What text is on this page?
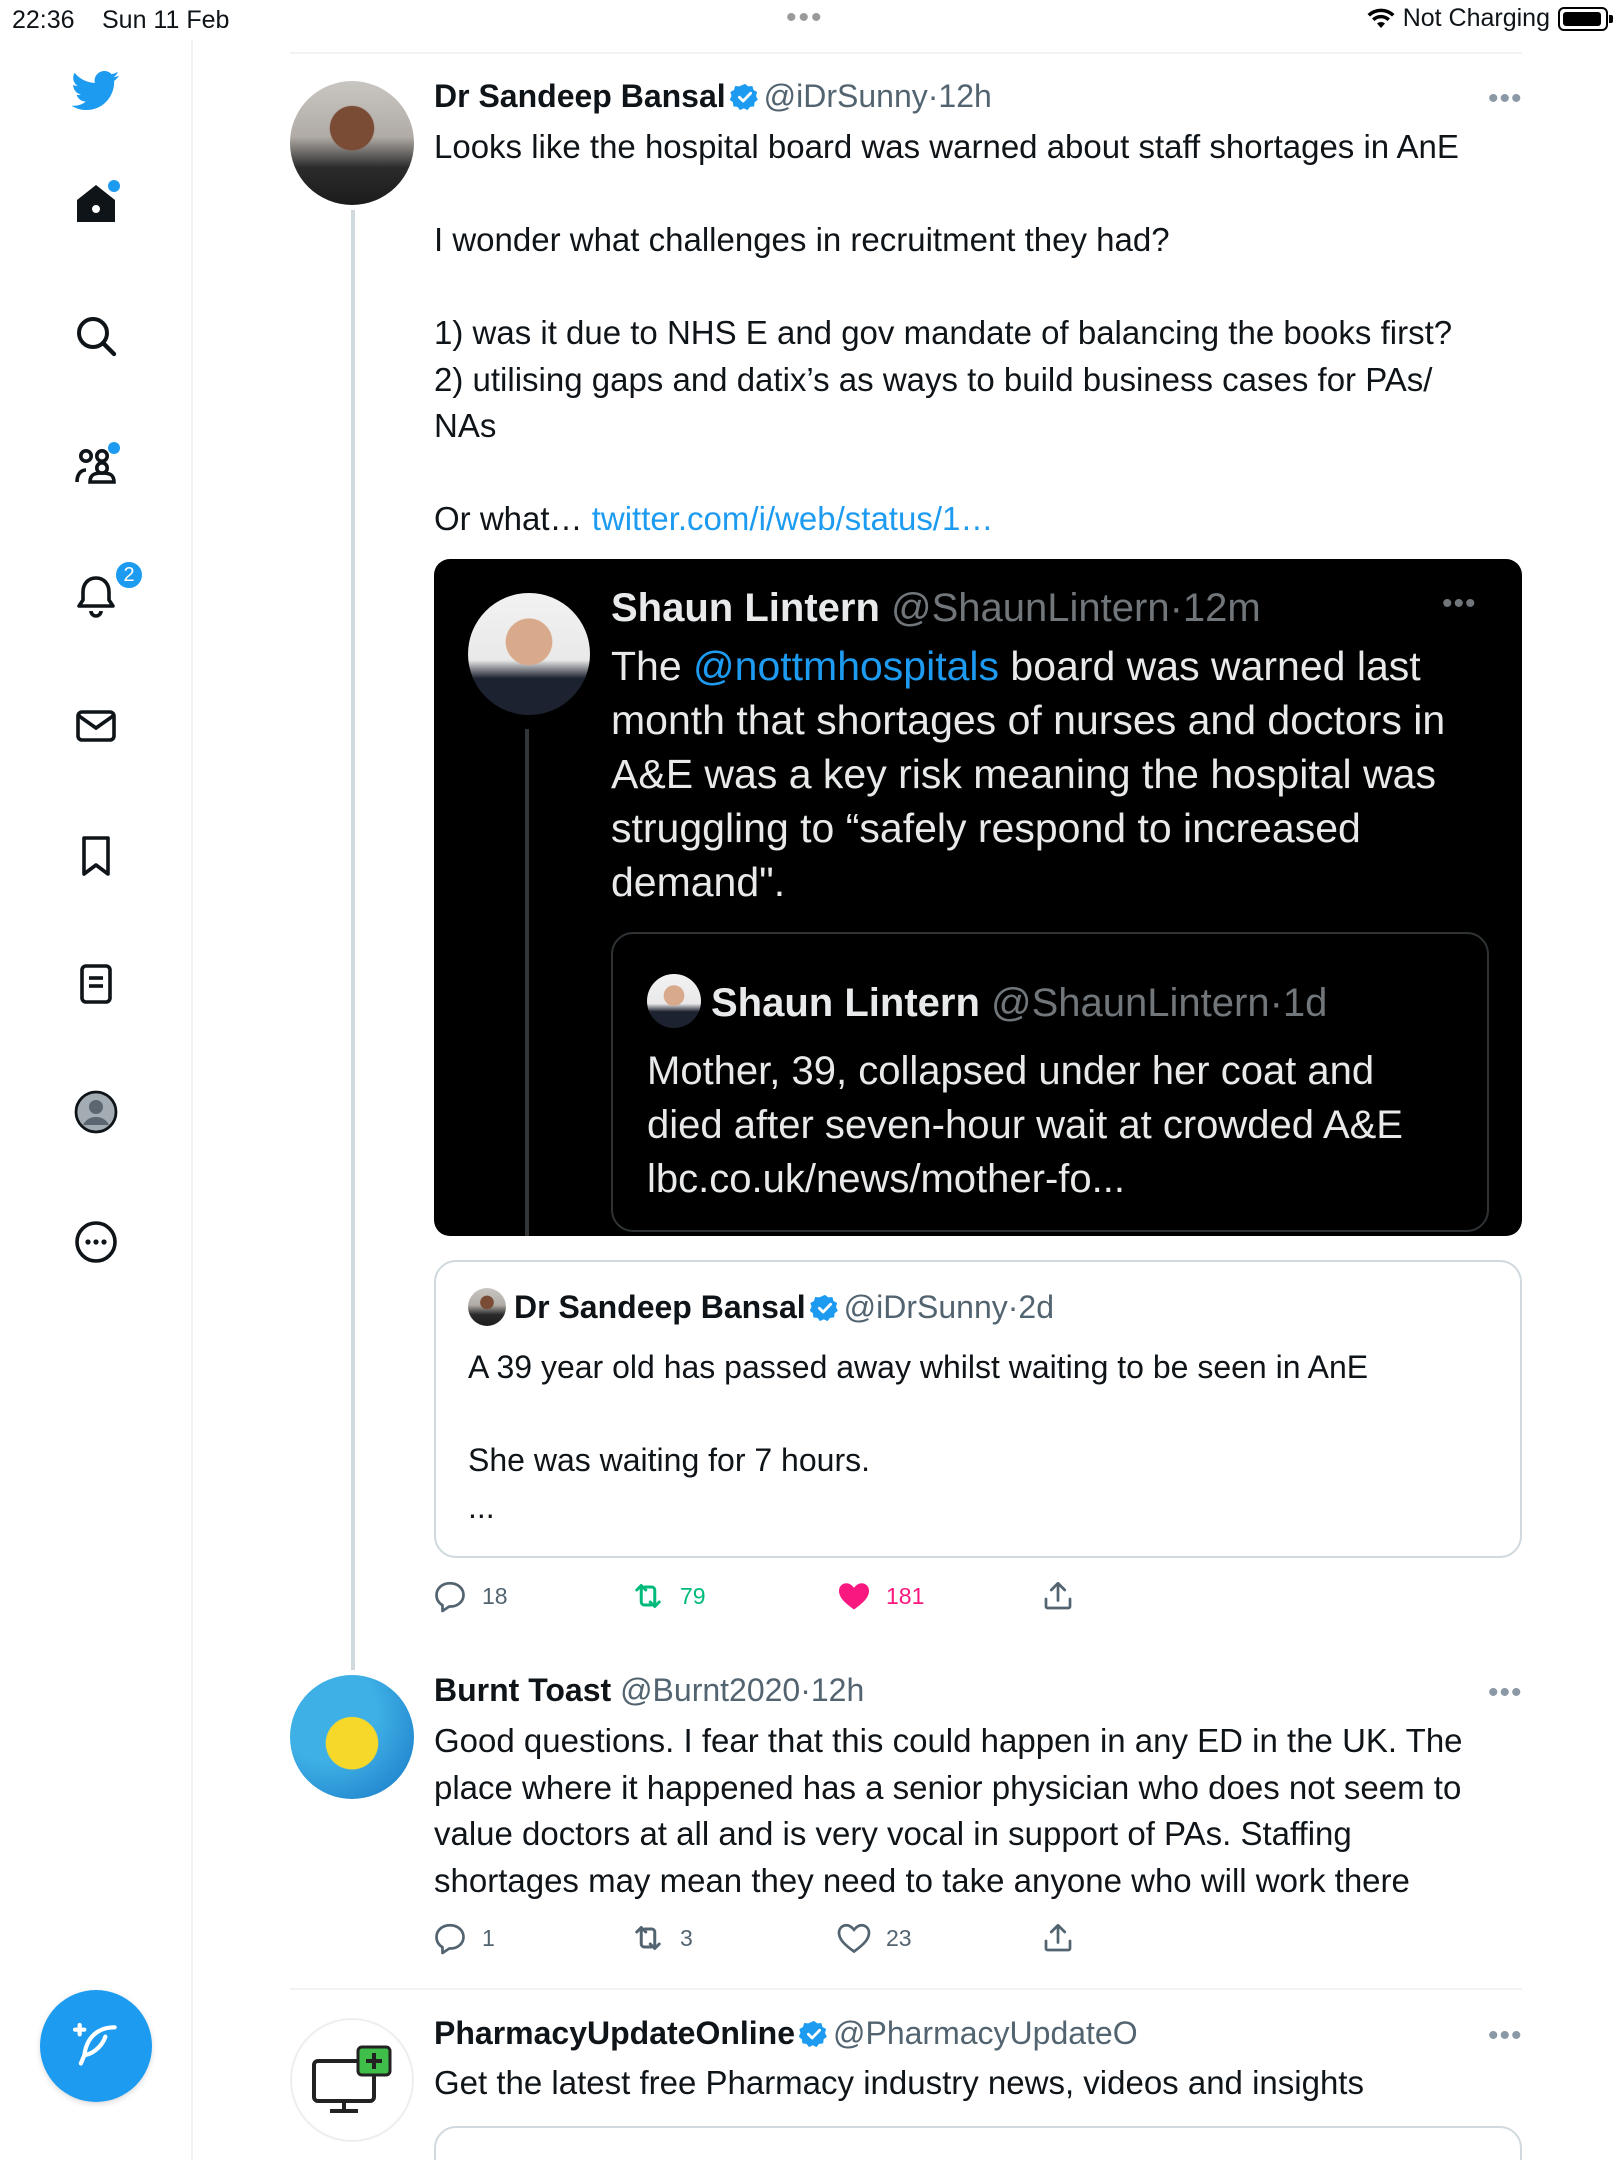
22:36 Sun 11 Feb	•••	Not Charging
2
Dr Sandeep Bansal @iDrSunny·12h	•••
Looks like the hospital board was warned about staff shortages in AnE

I wonder what challenges in recruitment they had?

1) was it due to NHS E and gov mandate of balancing the books first?
2) utilising gaps and datix’s as ways to build business cases for PAs/
NAs

Or what… twitter.com/i/web/status/1…
Shaun Lintern @ShaunLintern·12m	•••
The @nottmhospitals board was warned last
month that shortages of nurses and doctors in
A&E was a key risk meaning the hospital was
struggling to “safely respond to increased
demand".
Shaun Lintern @ShaunLintern·1d
Mother, 39, collapsed under her coat and
died after seven-hour wait at crowded A&E
lbc.co.uk/news/mother-fo...
Dr Sandeep Bansal @iDrSunny·2d
A 39 year old has passed away whilst waiting to be seen in AnE

She was waiting for 7 hours.
...
18	79	181
Burnt Toast @Burnt2020·12h	•••
Good questions. I fear that this could happen in any ED in the UK. The
place where it happened has a senior physician who does not seem to
value doctors at all and is very vocal in support of PAs. Staffing
shortages may mean they need to take anyone who will work there
1	3	23
PharmacyUpdateOnline @PharmacyUpdateO	•••
Get the latest free Pharmacy industry news, videos and insights
